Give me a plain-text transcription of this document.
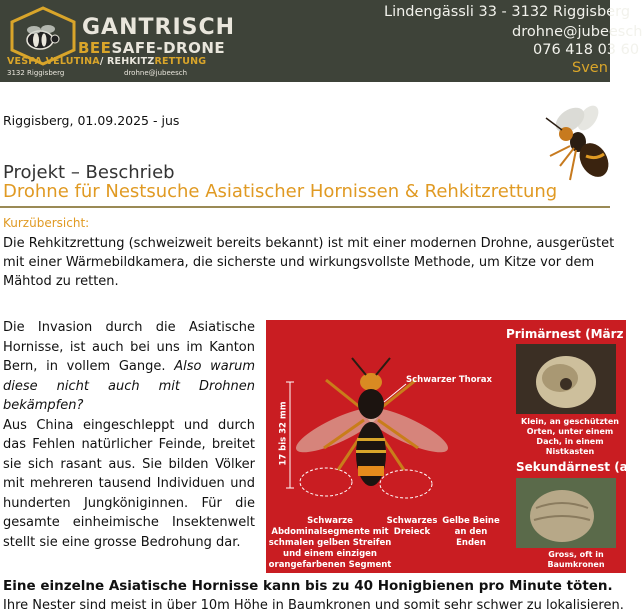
GANTRISCH
BEESAFE-DRONE
VESPA VELUTINA/ REHKITZRETTUNG
3132 Riggisberg	drohne@jubeesch
Lindengässli 33 - 3132 Riggisberg
drohne@jubeesch
076 418 03 60
Sven
Riggisberg, 01.09.2025 - jus
Projekt – Beschrieb
Drohne für Nestsuche Asiatischer Hornissen & Rehkitzrettung
Kurzübersicht:
Die Rehkitzrettung (schweizweit bereits bekannt) ist mit einer modernen Drohne, ausgerüstet
mit einer Wärmebildkamera, die sicherste und wirkungsvollste Methode, um Kitze vor dem
Mähtod zu retten.
Die Invasion durch die Asiatische Hornisse, ist auch bei uns im Kanton Bern, in vollem Gange. Also warum diese nicht auch mit Drohnen bekämpfen?
Aus China eingeschleppt und durch das Fehlen natürlicher Feinde, breitet sie sich rasant aus. Sie bilden Völker mit mehreren tausend Individuen und hunderten Jungköniginnen. Für die gesamte einheimische Insektenwelt stellt sie eine grosse Bedrohung dar.
Schwarzer Thorax
17 bis 32 mm
Schwarze Abdominalsegmente mit schmalen gelben Streifen und einem einzigen orangefarbenen Segment
Schwarzes Dreieck
Gelbe Beine an den Enden
Primärnest (März
Klein, an geschützten Orten, unter einem Dach, in einem Nistkasten
Sekundärnest (ab
Gross, oft in Baumkronen
Eine einzelne Asiatische Hornisse kann bis zu 40 Honigbienen pro Minute töten.
Ihre Nester sind meist in über 10m Höhe in Baumkronen und somit sehr schwer zu lokalisieren.
